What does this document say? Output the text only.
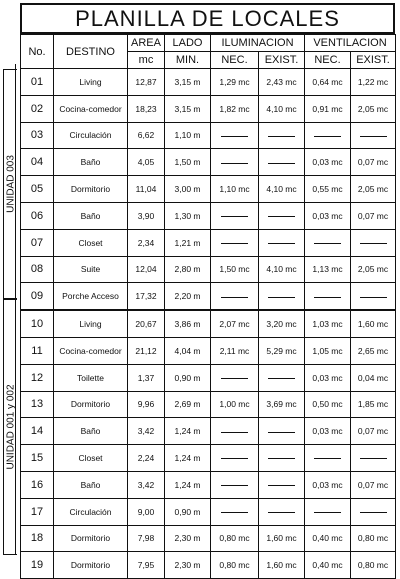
PLANILLA DE LOCALES
UNIDAD 003
UNIDAD 001 y 002
No.	DESTINO	AREA	LADO	ILUMINACION		VENTILACION	
		mc	MIN.	NEC.	EXIST.	NEC.	EXIST.
01	Living	12,87	3,15 m	1,29 mc	2,43 mc	0,64 mc	1,22 mc
02	Cocina-comedor	18,23	3,15 m	1,82 mc	4,10 mc	0,91 mc	2,05 mc
03	Circulación	6,62	1,10 m				
04	Baño	4,05	1,50 m			0,03 mc	0,07 mc
05	Dormitorio	11,04	3,00 m	1,10 mc	4,10 mc	0,55 mc	2,05 mc
06	Baño	3,90	1,30 m			0,03 mc	0,07 mc
07	Closet	2,34	1,21 m				
08	Suite	12,04	2,80 m	1,50 mc	4,10 mc	1,13 mc	2,05 mc
09	Porche Acceso	17,32	2,20 m				
10	Living	20,67	3,86 m	2,07 mc	3,20 mc	1,03 mc	1,60 mc
11	Cocina-comedor	21,12	4,04 m	2,11 mc	5,29 mc	1,05 mc	2,65 mc
12	Toilette	1,37	0,90 m			0,03 mc	0,04 mc
13	Dormitorio	9,96	2,69 m	1,00 mc	3,69 mc	0,50 mc	1,85 mc
14	Baño	3,42	1,24 m			0,03 mc	0,07 mc
15	Closet	2,24	1,24 m				
16	Baño	3,42	1,24 m			0,03 mc	0,07 mc
17	Circulación	9,00	0,90 m				
18	Dormitorio	7,98	2,30 m	0,80 mc	1,60 mc	0,40 mc	0,80 mc
19	Dormitorio	7,95	2,30 m	0,80 mc	1,60 mc	0,40 mc	0,80 mc
